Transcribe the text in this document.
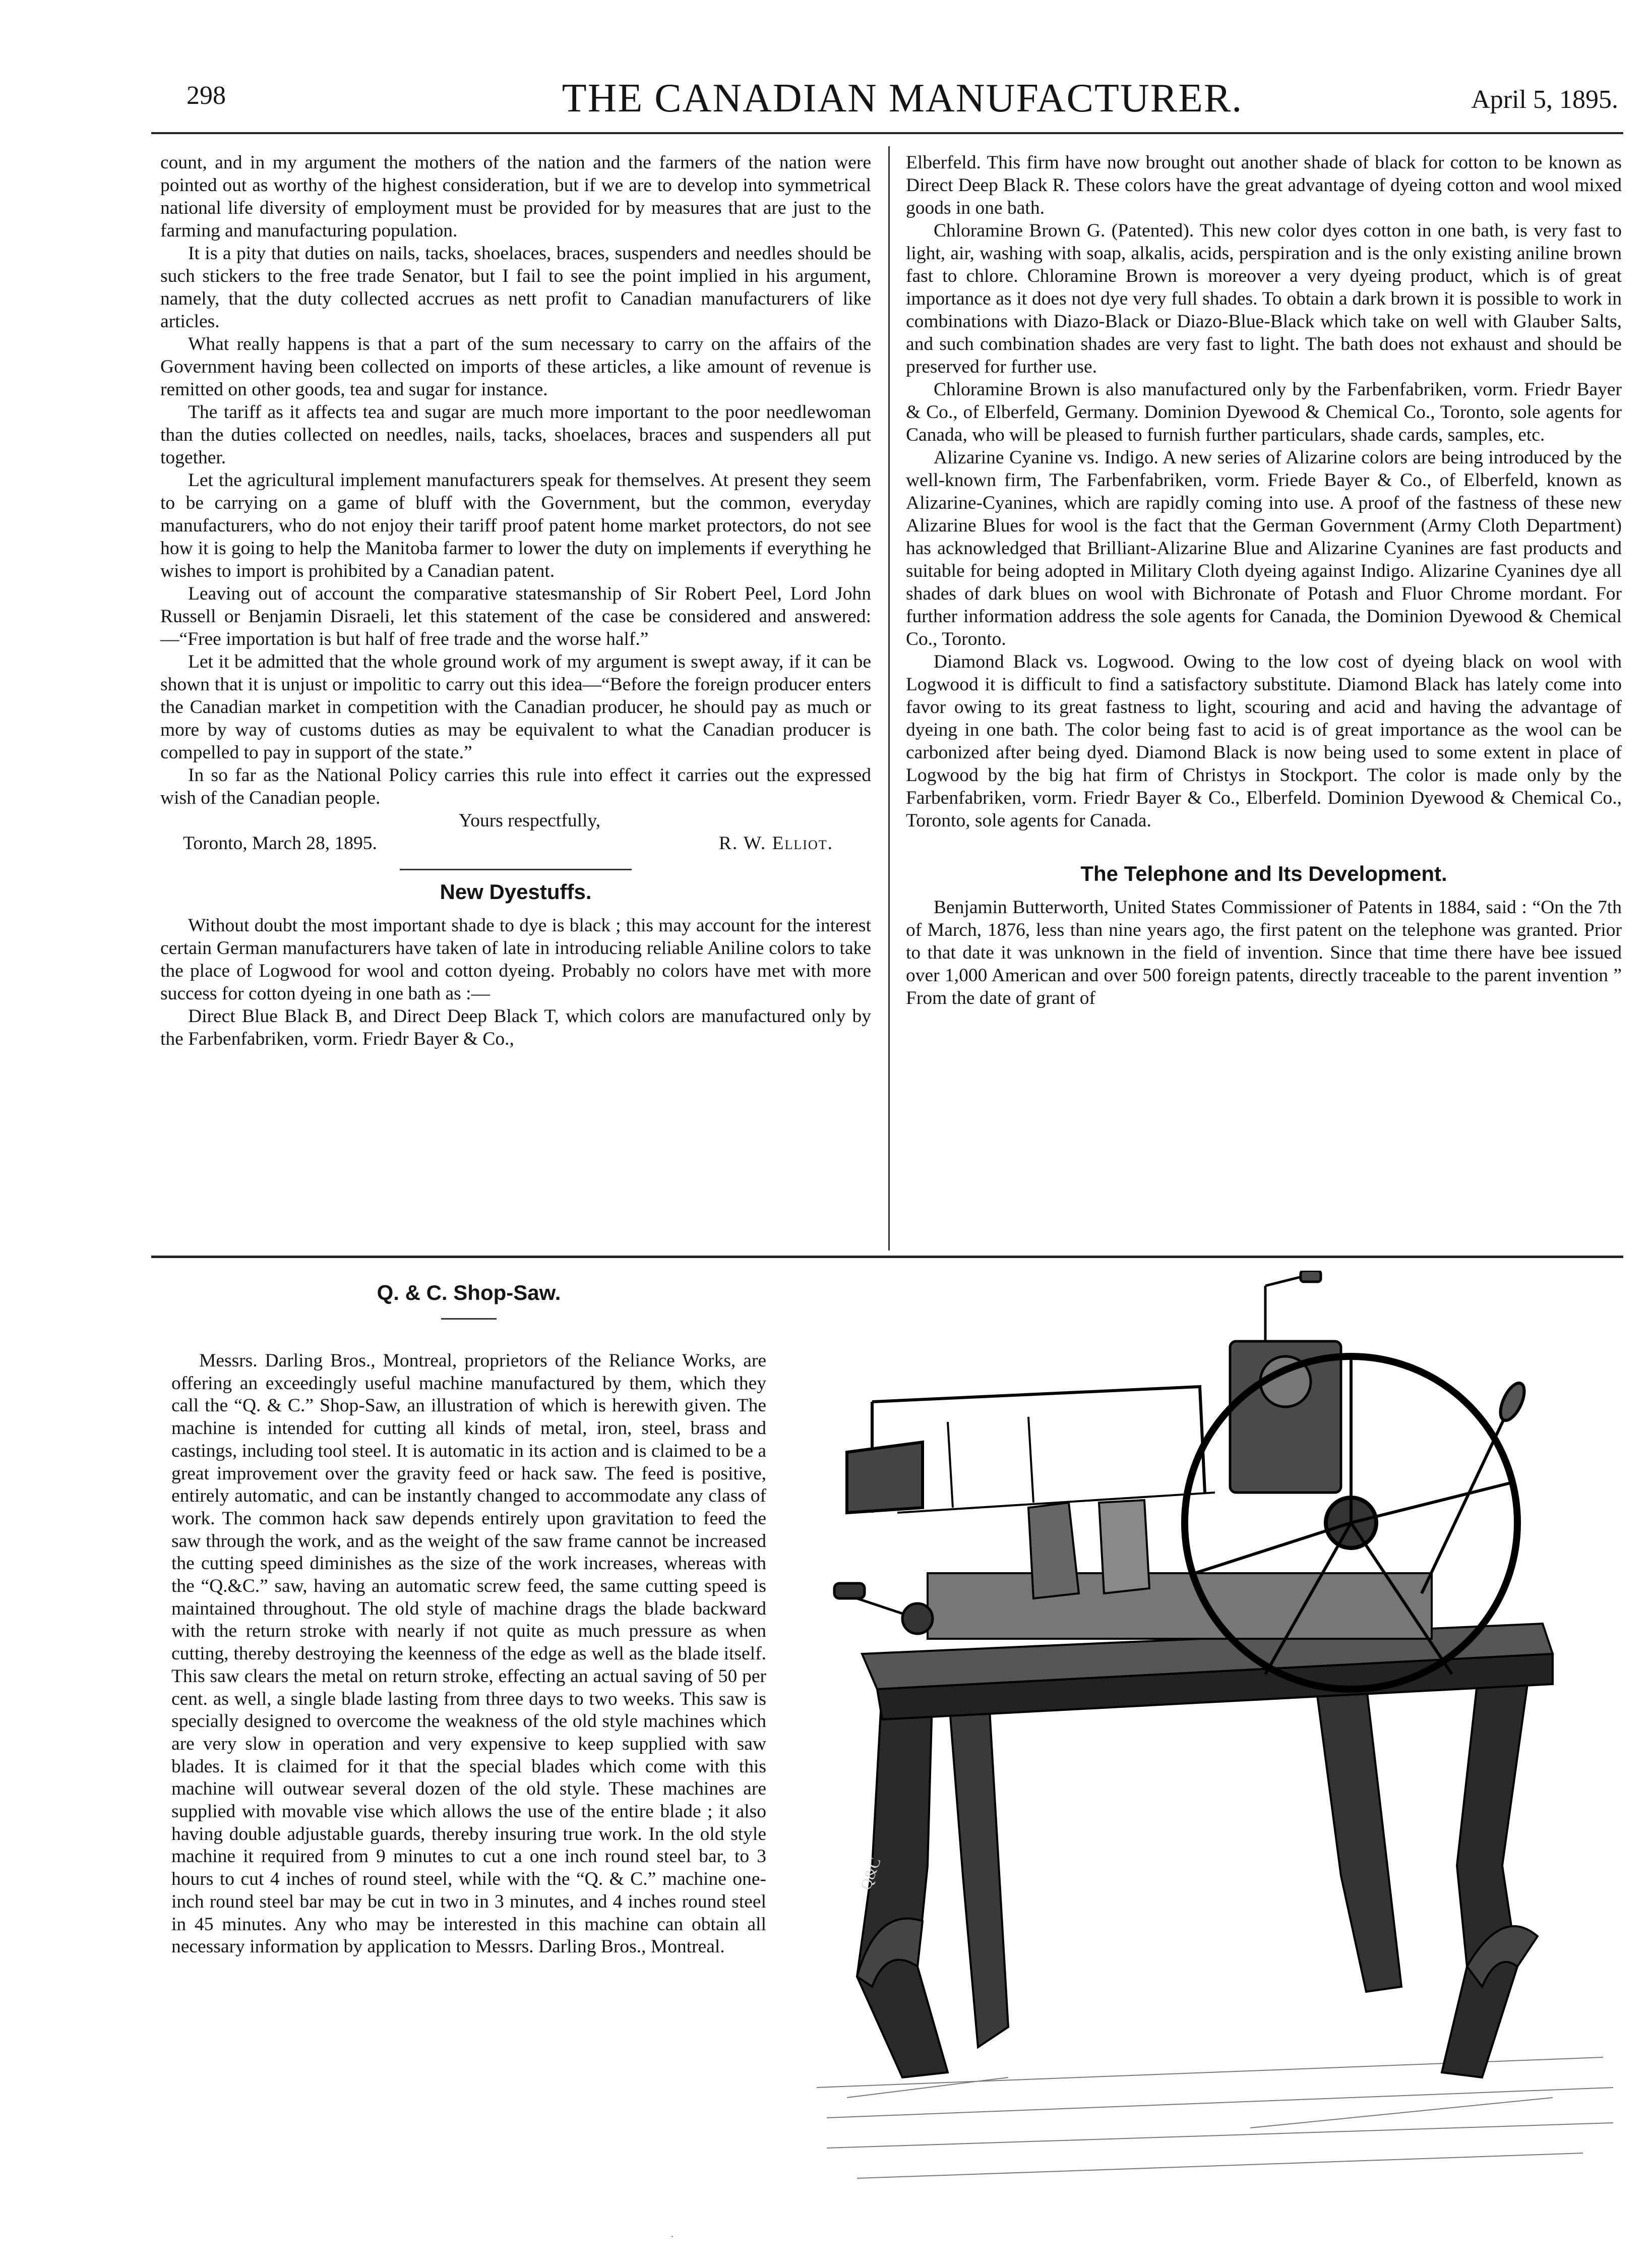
298	THE CANADIAN MANUFACTURER.	April 5, 1895.

count, and in my argument the mothers of the nation and the farmers of the nation were pointed out as worthy of the highest consideration, but if we are to develop into symmetrical national life diversity of employment must be provided for by measures that are just to the farming and manufacturing population.

It is a pity that duties on nails, tacks, shoelaces, braces, suspenders and needles should be such stickers to the free trade Senator, but I fail to see the point implied in his argument, namely, that the duty collected accrues as nett profit to Canadian manufacturers of like articles.

What really happens is that a part of the sum necessary to carry on the affairs of the Government having been collected on imports of these articles, a like amount of revenue is remitted on other goods, tea and sugar for instance.

The tariff as it affects tea and sugar are much more important to the poor needlewoman than the duties collected on needles, nails, tacks, shoelaces, braces and suspenders all put together.

Let the agricultural implement manufacturers speak for themselves. At present they seem to be carrying on a game of bluff with the Government, but the common, everyday manufacturers, who do not enjoy their tariff proof patent home market protectors, do not see how it is going to help the Manitoba farmer to lower the duty on implements if everything he wishes to import is prohibited by a Canadian patent.

Leaving out of account the comparative statesmanship of Sir Robert Peel, Lord John Russell or Benjamin Disraeli, let this statement of the case be considered and answered:—“Free importation is but half of free trade and the worse half.”

Let it be admitted that the whole ground work of my argument is swept away, if it can be shown that it is unjust or impolitic to carry out this idea—“Before the foreign producer enters the Canadian market in competition with the Canadian producer, he should pay as much or more by way of customs duties as may be equivalent to what the Canadian producer is compelled to pay in support of the state.”

In so far as the National Policy carries this rule into effect it carries out the expressed wish of the Canadian people.

Yours respectfully,

Toronto, March 28, 1895.	R. W. Elliot.
New Dyestuffs.

Without doubt the most important shade to dye is black ; this may account for the interest certain German manufacturers have taken of late in introducing reliable Aniline colors to take the place of Logwood for wool and cotton dyeing. Probably no colors have met with more success for cotton dyeing in one bath as :—

Direct Blue Black B, and Direct Deep Black T, which colors are manufactured only by the Farbenfabriken, vorm. Friedr Bayer & Co.,

Elberfeld. This firm have now brought out another shade of black for cotton to be known as Direct Deep Black R. These colors have the great advantage of dyeing cotton and wool mixed goods in one bath.

Chloramine Brown G. (Patented). This new color dyes cotton in one bath, is very fast to light, air, washing with soap, alkalis, acids, perspiration and is the only existing aniline brown fast to chlore. Chloramine Brown is moreover a very dyeing product, which is of great importance as it does not dye very full shades. To obtain a dark brown it is possible to work in combinations with Diazo-Black or Diazo-Blue-Black which take on well with Glauber Salts, and such combination shades are very fast to light. The bath does not exhaust and should be preserved for further use.

Chloramine Brown is also manufactured only by the Farbenfabriken, vorm. Friedr Bayer & Co., of Elberfeld, Germany. Dominion Dyewood & Chemical Co., Toronto, sole agents for Canada, who will be pleased to furnish further particulars, shade cards, samples, etc.

Alizarine Cyanine vs. Indigo. A new series of Alizarine colors are being introduced by the well-known firm, The Farbenfabriken, vorm. Friede Bayer & Co., of Elberfeld, known as Alizarine-Cyanines, which are rapidly coming into use. A proof of the fastness of these new Alizarine Blues for wool is the fact that the German Government (Army Cloth Department) has acknowledged that Brilliant-Alizarine Blue and Alizarine Cyanines are fast products and suitable for being adopted in Military Cloth dyeing against Indigo. Alizarine Cyanines dye all shades of dark blues on wool with Bichronate of Potash and Fluor Chrome mordant. For further information address the sole agents for Canada, the Dominion Dyewood & Chemical Co., Toronto.

Diamond Black vs. Logwood. Owing to the low cost of dyeing black on wool with Logwood it is difficult to find a satisfactory substitute. Diamond Black has lately come into favor owing to its great fastness to light, scouring and acid and having the advantage of dyeing in one bath. The color being fast to acid is of great importance as the wool can be carbonized after being dyed. Diamond Black is now being used to some extent in place of Logwood by the big hat firm of Christys in Stockport. The color is made only by the Farbenfabriken, vorm. Friedr Bayer & Co., Elberfeld. Dominion Dyewood & Chemical Co., Toronto, sole agents for Canada.

The Telephone and Its Development.

Benjamin Butterworth, United States Commissioner of Patents in 1884, said : “On the 7th of March, 1876, less than nine years ago, the first patent on the telephone was granted. Prior to that date it was unknown in the field of invention. Since that time there have bee issued over 1,000 American and over 500 foreign patents, directly traceable to the parent invention ” From the date of grant of

Q. & C. Shop-Saw.

Messrs. Darling Bros., Montreal, proprietors of the Reliance Works, are offering an exceedingly useful machine manufactured by them, which they call the “Q. & C.” Shop-Saw, an illustration of which is herewith given. The machine is intended for cutting all kinds of metal, iron, steel, brass and castings, including tool steel. It is automatic in its action and is claimed to be a great improvement over the gravity feed or hack saw. The feed is positive, entirely automatic, and can be instantly changed to accommodate any class of work. The common hack saw depends entirely upon gravitation to feed the saw through the work, and as the weight of the saw frame cannot be increased the cutting speed diminishes as the size of the work increases, whereas with the “Q.&C.” saw, having an automatic screw feed, the same cutting speed is maintained throughout. The old style of machine drags the blade backward with the return stroke with nearly if not quite as much pressure as when cutting, thereby destroying the keenness of the edge as well as the blade itself. This saw clears the metal on return stroke, effecting an actual saving of 50 per cent. as well, a single blade lasting from three days to two weeks. This saw is specially designed to overcome the weakness of the old style machines which are very slow in operation and very expensive to keep supplied with saw blades. It is claimed for it that the special blades which come with this machine will outwear several dozen of the old style. These machines are supplied with movable vise which allows the use of the entire blade ; it also having double adjustable guards, thereby insuring true work. In the old style machine it required from 9 minutes to cut a one inch round steel bar, to 3 hours to cut 4 inches of round steel, while with the “Q. & C.” machine one-inch round steel bar may be cut in two in 3 minutes, and 4 inches round steel in 45 minutes. Any who may be interested in this machine can obtain all necessary information by application to Messrs. Darling Bros., Montreal.

Q&C
·
